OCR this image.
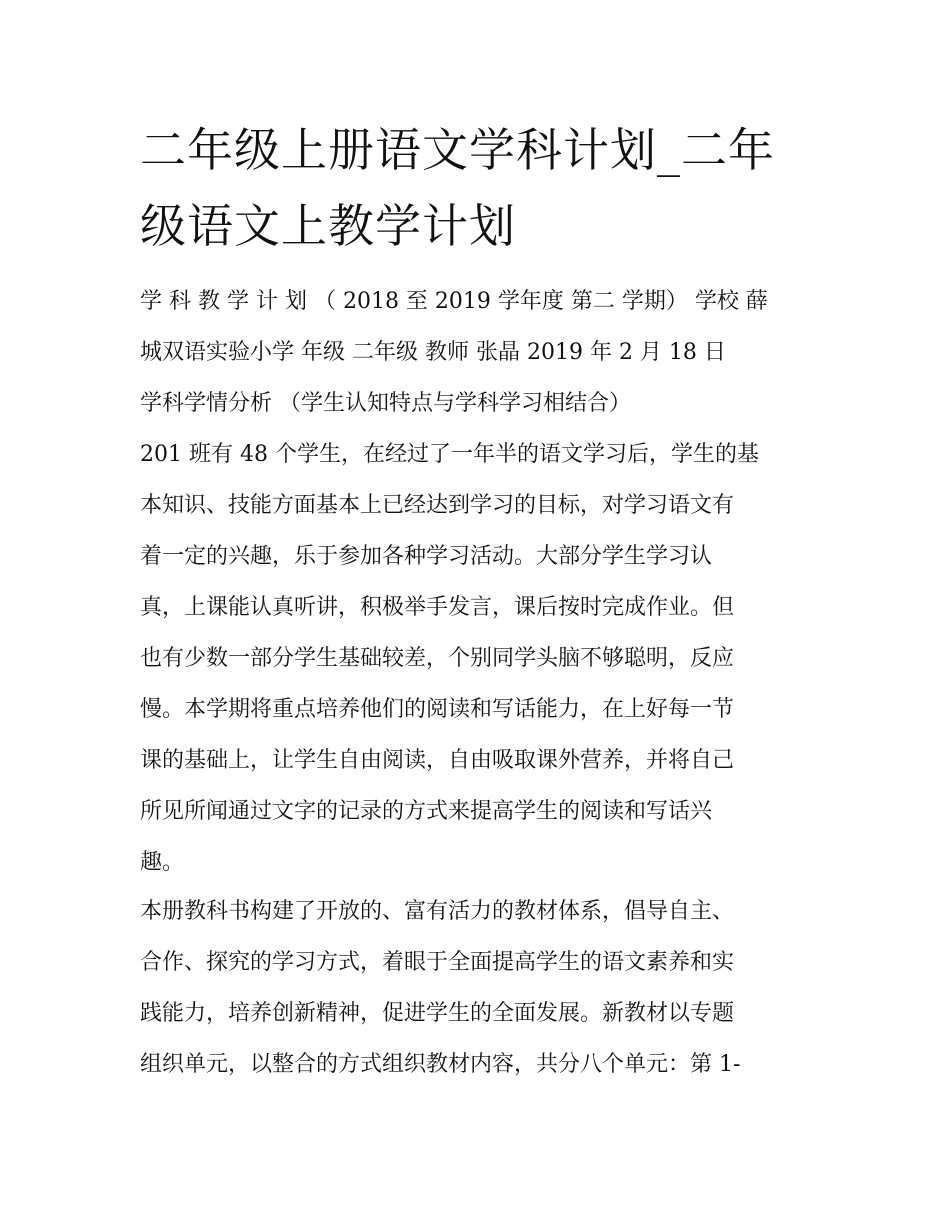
二年级上册语文学科计划_二年
级语文上教学计划
学 科 教 学 计 划 （ 2018 至 2019 学年度 第二 学期） 学校 薛
城双语实验小学 年级 二年级 教师 张晶 2019 年 2 月 18 日
学科学情分析 （学生认知特点与学科学习相结合）
201 班有 48 个学生，在经过了一年半的语文学习后，学生的基
本知识、技能方面基本上已经达到学习的目标，对学习语文有
着一定的兴趣，乐于参加各种学习活动。大部分学生学习认
真，上课能认真听讲，积极举手发言，课后按时完成作业。但
也有少数一部分学生基础较差，个别同学头脑不够聪明，反应
慢。本学期将重点培养他们的阅读和写话能力，在上好每一节
课的基础上，让学生自由阅读，自由吸取课外营养，并将自己
所见所闻通过文字的记录的方式来提高学生的阅读和写话兴
趣。
本册教科书构建了开放的、富有活力的教材体系，倡导自主、
合作、探究的学习方式，着眼于全面提高学生的语文素养和实
践能力，培养创新精神，促进学生的全面发展。新教材以专题
组织单元，以整合的方式组织教材内容，共分八个单元：第 1-
